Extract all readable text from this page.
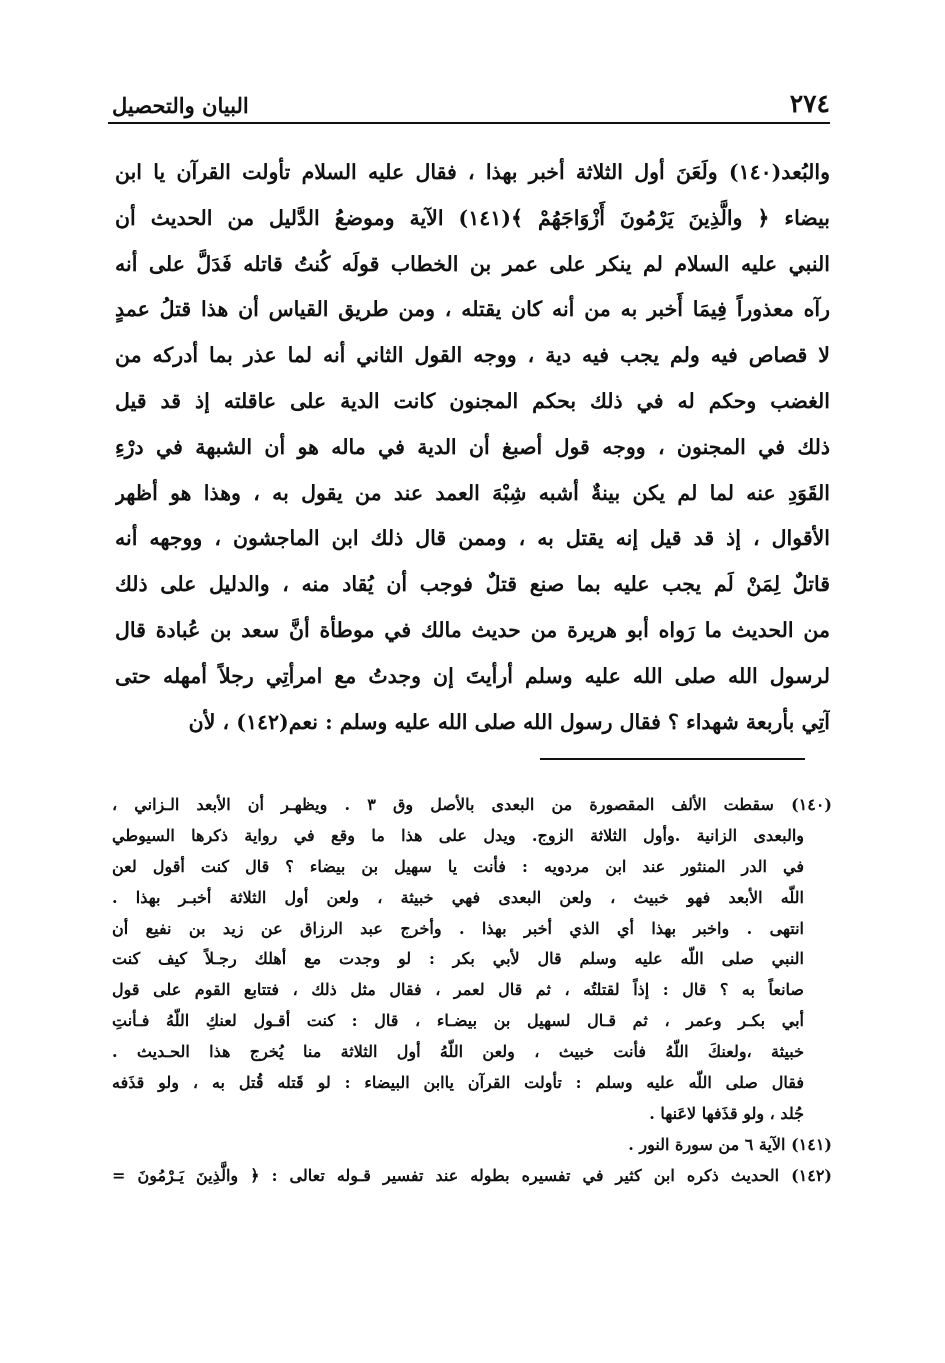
٢٧٤
البيان والتحصيل
والبُعد(١٤٠) ولَعَنَ أول الثلاثة أخبر بهذا ، فقال عليه السلام تأولت القرآن يا ابن
بيضاء ﴿ والَّذِينَ يَرْمُونَ أَزْوَاجَهُمْ ﴾(١٤١) الآية وموضعُ الدَّليل من الحديث أن
النبي عليه السلام لم ينكر على عمر بن الخطاب قولَه كُنتُ قاتله فَدَلَّ على أنه
رآه معذوراً فِيمَا أَخبر به من أنه كان يقتله ، ومن طريق القياس أن هذا قتلُ عمدٍ
لا قصاص فيه ولم يجب فيه دية ، ووجه القول الثاني أنه لما عذر بما أدركه من
الغضب وحكم له في ذلك بحكم المجنون كانت الدية على عاقلته إذ قد قيل
ذلك في المجنون ، ووجه قول أصبغ أن الدية في ماله هو أن الشبهة في درْءِ
القَوَدِ عنه لما لم يكن بينةٌ أشبه شِبْهَ العمد عند من يقول به ، وهذا هو أظهر
الأقوال ، إذ قد قيل إنه يقتل به ، وممن قال ذلك ابن الماجشون ، ووجهه أنه
قاتلٌ لِمَنْ لَم يجب عليه بما صنع قتلٌ فوجب أن يُقاد منه ، والدليل على ذلك
من الحديث ما رَواه أبو هريرة من حديث مالك في موطأة أنَّ سعد بن عُبادة قال
لرسول الله صلى الله عليه وسلم أرأيتَ إن وجدتُ مع امرأتِي رجلاً أمهله حتى
آتِي بأربعة شهداء ؟ فقال رسول الله صلى الله عليه وسلم : نعم(١٤٢) ، لأن
(١٤٠) سقطت الألف المقصورة من البعدى بالأصل وق ٣ . ويظهـر أن الأبعد الـزاني ،
والبعدى الزانية .وأول الثلاثة الزوج. ويدل على هذا ما وقع في رواية ذكرها السيوطي
في الدر المنثور عند ابن مردويه : فأنت يا سهيل بن بيضاء ؟ قال كنت أقول لعن
اللّه الأبعد فهو خبيث ، ولعن البعدى فهي خبيثة ، ولعن أول الثلاثة أخبـر بهذا .
انتهى . واخبر بهذا أي الذي أخبر بهذا . وأخرج عبد الرزاق عن زيد بن نفيع أن
النبي صلى اللّه عليه وسلم قال لأبي بكر : لو وجدت مع أهلك رجـلاً كيف كنت
صانعاً به ؟ قال : إذاً لقتلتُه ، ثم قال لعمر ، فقال مثل ذلك ، فتتابع القوم على قول
أبي بكـر وعمر ، ثم قـال لسهيل بن بيضـاء ، قال : كنت أقـول لعنكِ اللّهُ فـأنتِ
خبيثة ،ولعنكَ اللّهُ فأنت خبيث ، ولعن اللّهُ أول الثلاثة منا يُخرج هذا الحـديث .
فقال صلى اللّه عليه وسلم : تأولت القرآن ياابن البيضاء : لو قَتله قُتل به ، ولو قذَفه
جُلد ، ولو قذَفها لاعَنها .
(١٤١) الآية ٦ من سورة النور .
(١٤٢) الحديث ذكره ابن كثير في تفسيره بطوله عند تفسير قـوله تعالى : ﴿ والَّذِينَ يَـرْمُونَ =
